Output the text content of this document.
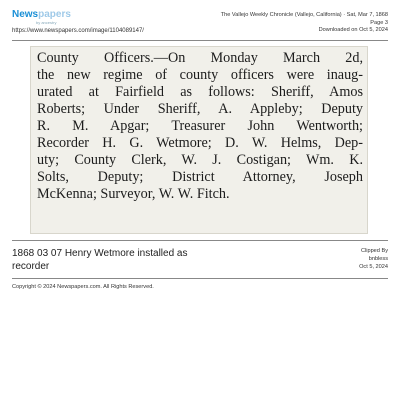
Newspapers
by ancestry
https://www.newspapers.com/image/1104089147/
The Vallejo Weekly Chronicle (Vallejo, California) · Sat, Mar 7, 1868
Page 3
Downloaded on Oct 5, 2024
County Officers.—On Monday March 2d,
the new regime of county officers were inaug-
urated at Fairfield as follows: Sheriff, Amos
Roberts; Under Sheriff, A. Appleby; Deputy
R. M. Apgar; Treasurer John Wentworth;
Recorder H. G. Wetmore; D. W. Helms, Dep-
uty; County Clerk, W. J. Costigan; Wm. K.
Solts, Deputy; District Attorney, Joseph
McKenna; Surveyor, W. W. Fitch.
1868 03 07 Henry Wetmore installed as recorder
Clipped By
bnbless
Oct 5, 2024
Copyright © 2024 Newspapers.com. All Rights Reserved.
